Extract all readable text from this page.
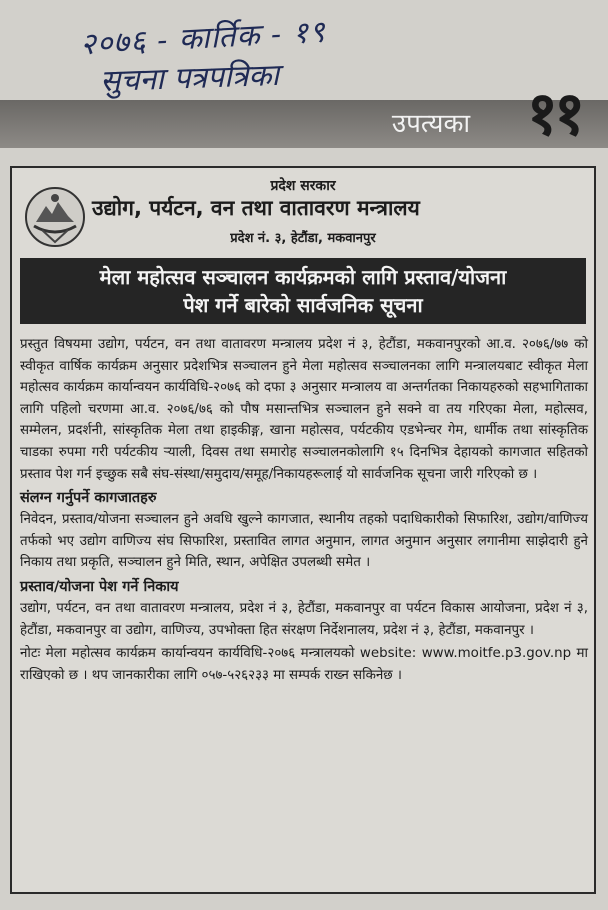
२०७६ - कार्तिक - १९
सुचना पत्रपत्रिका
उपत्यका ११
प्रदेश सरकार
उद्योग, पर्यटन, वन तथा वातावरण मन्त्रालय
प्रदेश नं. ३, हेटौंडा, मकवानपुर
मेला महोत्सव सञ्चालन कार्यक्रमको लागि प्रस्ताव/योजना
पेश गर्ने बारेको सार्वजनिक सूचना

प्रस्तुत विषयमा उद्योग, पर्यटन, वन तथा वातावरण मन्त्रालय प्रदेश नं ३, हेटौंडा, मकवानपुरको आ.व. २०७६/७७ को स्वीकृत वार्षिक कार्यक्रम अनुसार प्रदेशभित्र सञ्चालन हुने मेला महोत्सव सञ्चालनका लागि मन्त्रालयबाट स्वीकृत मेला महोत्सव कार्यक्रम कार्यान्वयन कार्यविधि-२०७६ को दफा ३ अनुसार मन्त्रालय वा अन्तर्गतका निकायहरुको सहभागिताका लागि पहिलो चरणमा आ.व. २०७६/७६ को पौष मसान्तभित्र सञ्चालन हुने सक्ने वा तय गरिएका मेला, महोत्सव, सम्मेलन, प्रदर्शनी, सांस्कृतिक मेला तथा हाइकीङ्ग, खाना महोत्सव, पर्यटकीय एडभेन्चर गेम, धार्मीक तथा सांस्कृतिक चाडका रुपमा गरी पर्यटकीय र्‍याली, दिवस तथा समारोह सञ्चालनकोलागि १५ दिनभित्र देहायको कागजात सहितको प्रस्ताव पेश गर्न इच्छुक सबै संघ-संस्था/समुदाय/समूह/निकायहरूलाई यो सार्वजनिक सूचना जारी गरिएको छ ।

संलग्न गर्नुपर्ने कागजातहरु

निवेदन, प्रस्ताव/योजना सञ्चालन हुने अवधि खुल्ने कागजात, स्थानीय तहको पदाधिकारीको सिफारिश, उद्योग/वाणिज्य तर्फको भए उद्योग वाणिज्य संघ सिफारिश, प्रस्तावित लागत अनुमान, लागत अनुमान अनुसार लगानीमा साझेदारी हुने निकाय तथा प्रकृति, सञ्चालन हुने मिति, स्थान, अपेक्षित उपलब्धी समेत ।

प्रस्ताव/योजना पेश गर्ने निकाय

उद्योग, पर्यटन, वन तथा वातावरण मन्त्रालय, प्रदेश नं ३, हेटौंडा, मकवानपुर वा पर्यटन विकास आयोजना, प्रदेश नं ३, हेटौंडा, मकवानपुर वा उद्योग, वाणिज्य, उपभोक्ता हित संरक्षण निर्देशनालय, प्रदेश नं ३, हेटौंडा, मकवानपुर ।

नोटः मेला महोत्सव कार्यक्रम कार्यान्वयन कार्यविधि-२०७६ मन्त्रालयको website: www.moitfe.p3.gov.np मा राखिएको छ । थप जानकारीका लागि ०५७-५२६२३३ मा सम्पर्क राख्न सकिनेछ ।
